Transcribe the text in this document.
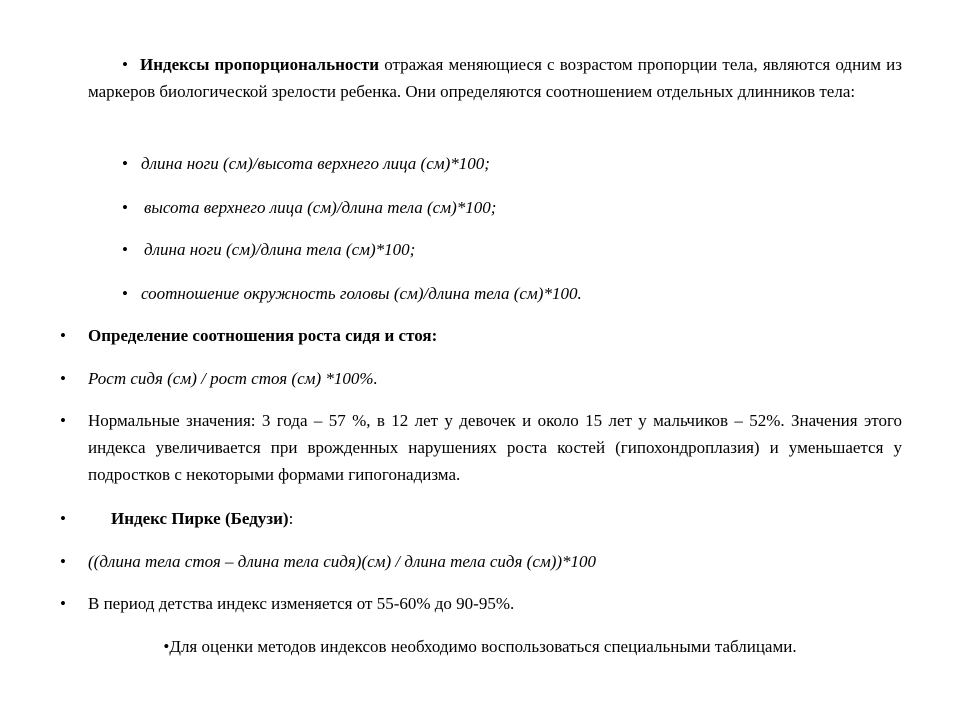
• Индексы пропорциональности отражая меняющиеся с возрастом пропорции тела, являются одним из маркеров биологической зрелости ребенка. Они определяются соотношением отдельных длинников тела:
• длина ноги (см)/высота верхнего лица (см)*100;
• высота верхнего лица (см)/длина тела (см)*100;
• длина ноги (см)/длина тела (см)*100;
• соотношение окружность головы (см)/длина тела (см)*100.
• Определение соотношения роста сидя и стоя:
• Рост сидя (см) / рост стоя (см) *100%.
• Нормальные значения: 3 года – 57 %, в 12 лет у девочек и около 15 лет у мальчиков – 52%. Значения этого индекса увеличивается при врожденных нарушениях роста костей (гипохондроплазия) и уменьшается у подростков с некоторыми формами гипогонадизма.
•	Индекс Пирке (Бедузи):
• ((длина тела стоя – длина тела сидя)(см) / длина тела сидя (см))*100
• В период детства индекс изменяется от 55-60% до 90-95%.
•Для оценки методов индексов необходимо воспользоваться специальными таблицами.
